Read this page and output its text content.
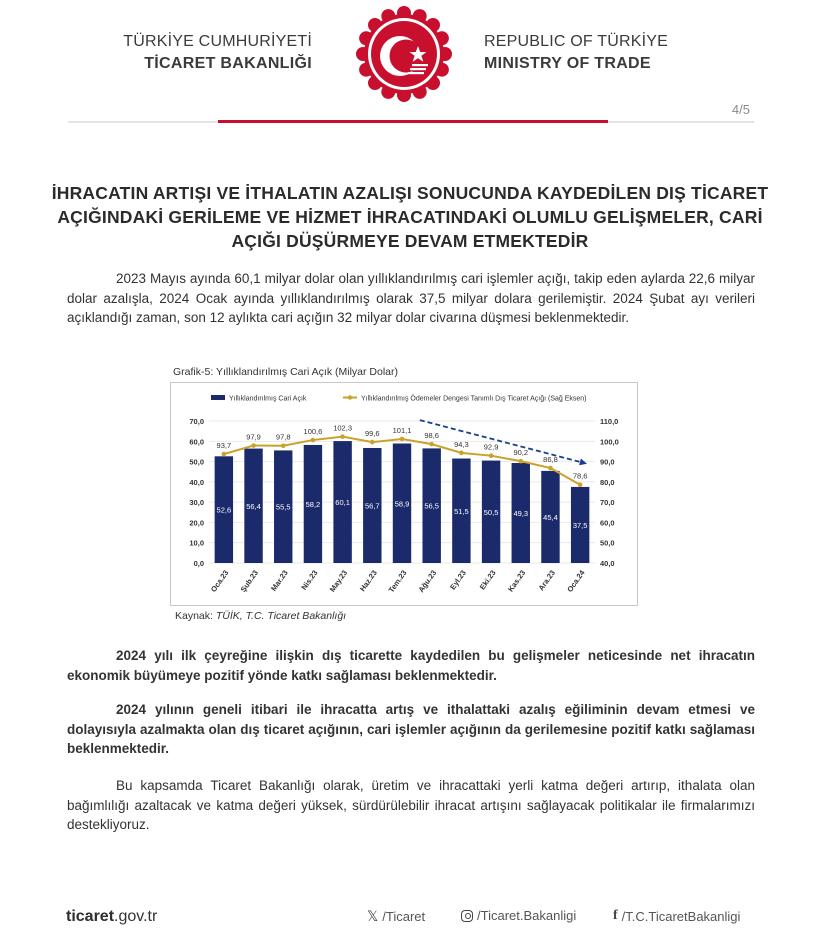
TÜRKİYE CUMHURİYETİ
TİCARET BAKANLIĞI
REPUBLIC OF TÜRKİYE
MINISTRY OF TRADE
4/5
İHRACATIN ARTIŞI VE İTHALATIN AZALIŞI SONUCUNDA KAYDEDİLEN DIŞ TİCARET AÇIĞINDAKİ GERİLEME VE HİZMET İHRACATINDAKİ OLUMLU GELİŞMELER, CARİ AÇIĞI DÜŞÜRMEYE DEVAM ETMEKTEDİR
2023 Mayıs ayında 60,1 milyar dolar olan yıllıklandırılmış cari işlemler açığı, takip eden aylarda 22,6 milyar dolar azalışla, 2024 Ocak ayında yıllıklandırılmış olarak 37,5 milyar dolara gerilemiştir. 2024 Şubat ayı verileri açıklandığı zaman, son 12 aylıkta cari açığın 32 milyar dolar civarına düşmesi beklenmektedir.
Grafik-5: Yıllıklandırılmış Cari Açık (Milyar Dolar)
0,0
10,0
20,0
30,0
40,0
50,0
60,0
70,0
40,0
50,0
60,0
70,0
80,0
90,0
100,0
110,0
52,6 56,4 55,5 58,2 60,1 56,7 58,9 56,5
51,5 50,5 49,3 45,4
37,5
93,7
97,9 97,8
100,6 102,3
99,6 101,1
98,6
94,3 92,9
90,2
86,8
78,6
Oca.23 Şub.23 Mar.23 Nis.23 May.23 Haz.23 Tem.23 Ağu.23 Eyl.23 Eki.23 Kas.23 Ara.23 Oca.24
Yıllıklandırılmış Cari Açık	Yıllıklandırılmış Ödemeler Dengesi Tanımlı Dış Ticaret Açığı (Sağ Eksen)
Kaynak: TÜİK, T.C. Ticaret Bakanlığı
2024 yılı ilk çeyreğine ilişkin dış ticarette kaydedilen bu gelişmeler neticesinde net ihracatın ekonomik büyümeye pozitif yönde katkı sağlaması beklenmektedir.
2024 yılının geneli itibari ile ihracatta artış ve ithalattaki azalış eğiliminin devam etmesi ve dolayısıyla azalmakta olan dış ticaret açığının, cari işlemler açığının da gerilemesine pozitif katkı sağlaması beklenmektedir.
Bu kapsamda Ticaret Bakanlığı olarak, üretim ve ihracattaki yerli katma değeri artırıp, ithalata olan bağımlılığı azaltacak ve katma değeri yüksek, sürdürülebilir ihracat artışını sağlayacak politikalar ile firmalarımızı destekliyoruz.
ticaret.gov.tr	𝕏 /Ticaret	/Ticaret.Bakanligi	f /T.C.TicaretBakanligi
